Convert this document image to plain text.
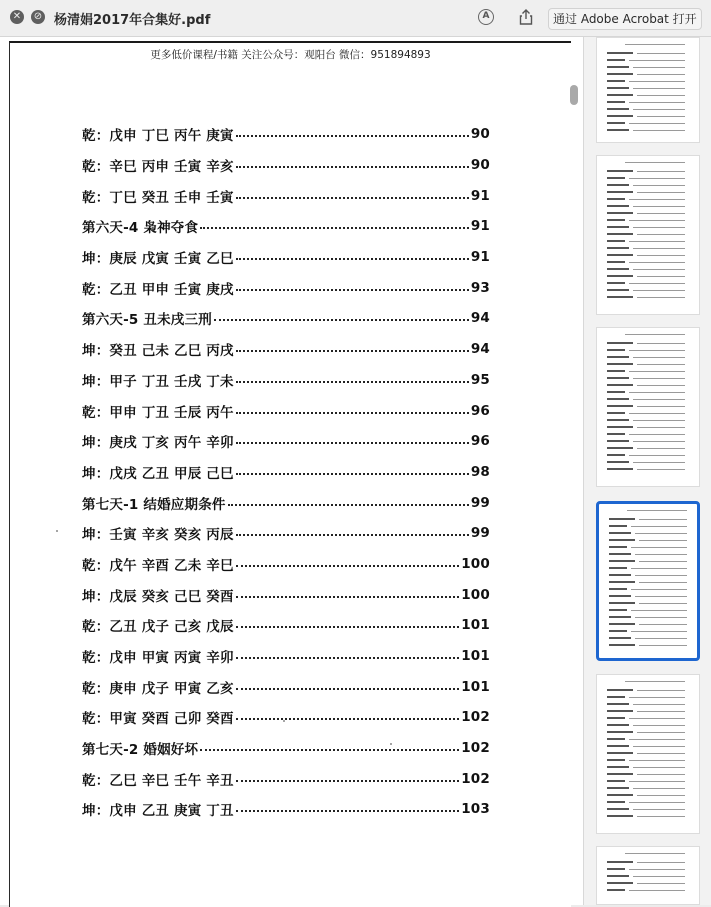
✕ ⊘ 杨清娟2017年合集好.pdf	A	通过 Adobe Acrobat 打开
更多低价课程/书籍 关注公众号：观阳台 微信：951894893
乾：戊申 丁巳 丙午 庚寅	90
乾：辛巳 丙申 壬寅 辛亥	90
乾：丁巳 癸丑 壬申 壬寅	91
第六天-4 枭神夺食	91
坤：庚辰 戊寅 壬寅 乙巳	91
乾：乙丑 甲申 壬寅 庚戌	93
第六天-5 丑未戌三刑	94
坤：癸丑 己未 乙巳 丙戌	94
坤：甲子 丁丑 壬戌 丁未	95
乾：甲申 丁丑 壬辰 丙午	96
坤：庚戌 丁亥 丙午 辛卯	96
坤：戊戌 乙丑 甲辰 己巳	98
第七天-1 结婚应期条件	99
坤：壬寅 辛亥 癸亥 丙辰	99
乾：戊午 辛酉 乙未 辛巳	100
坤：戊辰 癸亥 己巳 癸酉	100
乾：乙丑 戊子 己亥 戊辰	101
乾：戊申 甲寅 丙寅 辛卯	101
乾：庚申 戊子 甲寅 乙亥	101
乾：甲寅 癸酉 己卯 癸酉	102
第七天-2 婚姻好坏	102
乾：乙巳 辛巳 壬午 辛丑	102
坤：戊申 乙丑 庚寅 丁丑	103
